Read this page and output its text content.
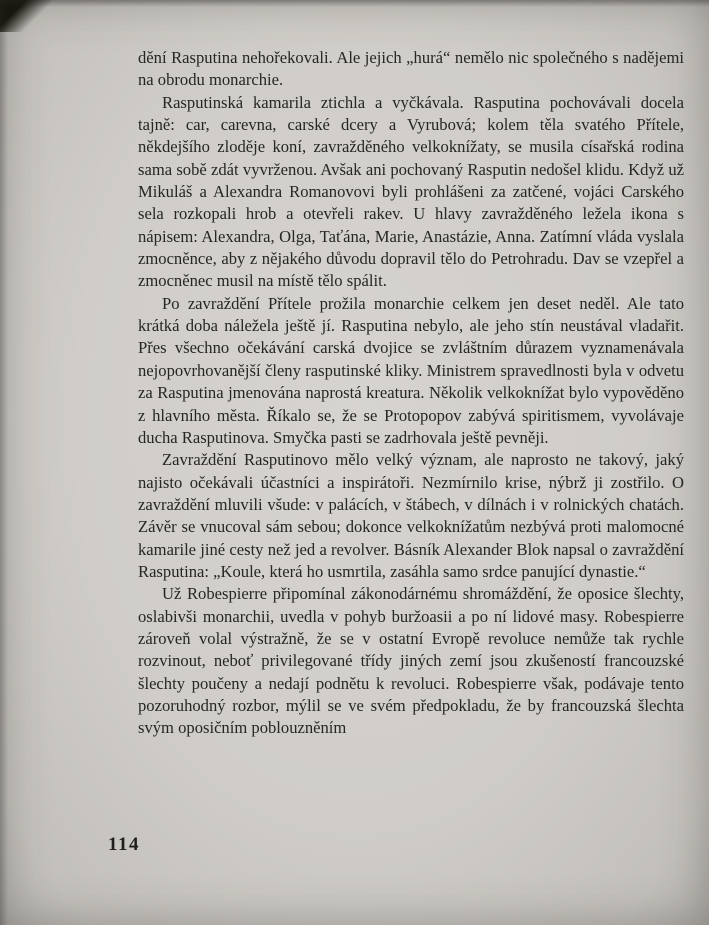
dění Rasputina nehořekovali. Ale jejich „hurá“ nemělo nic společného s nadějemi na obrodu monarchie.

Rasputinská kamarila ztichla a vyčkávala. Rasputina pochovávali docela tajně: car, carevna, carské dcery a Vyrubová; kolem těla svatého Přítele, někdejšího zloděje koní, zavražděného velkoknížaty, se musila císařská rodina sama sobě zdát vyvrženou. Avšak ani pochovaný Rasputin nedošel klidu. Když už Mikuláš a Alexandra Romanovovi byli prohlášeni za zatčené, vojáci Carského sela rozkopali hrob a otevřeli rakev. U hlavy zavražděného ležela ikona s nápisem: Alexandra, Olga, Taťána, Marie, Anastázie, Anna. Zatímní vláda vyslala zmocněnce, aby z nějakého důvodu dopravil tělo do Petrohradu. Dav se vzepřel a zmocněnec musil na místě tělo spálit.

Po zavraždění Přítele prožila monarchie celkem jen deset neděl. Ale tato krátká doba náležela ještě jí. Rasputina nebylo, ale jeho stín neustával vladařit. Přes všechno očekávání carská dvojice se zvláštním důrazem vyznamenávala nejopovrhovanější členy rasputinské kliky. Ministrem spravedlnosti byla v odvetu za Rasputina jmenována naprostá kreatura. Několik velkoknížat bylo vypověděno z hlavního města. Říkalo se, že se Protopopov zabývá spiritismem, vyvolávaje ducha Rasputinova. Smyčka pasti se zadrhovala ještě pevněji.

Zavraždění Rasputinovo mělo velký význam, ale naprosto ne takový, jaký najisto očekávali účastníci a inspirátoři. Nezmírnilo krise, nýbrž ji zostřilo. O zavraždění mluvili všude: v palácích, v štábech, v dílnách i v rolnických chatách. Závěr se vnucoval sám sebou; dokonce velkoknížatům nezbývá proti malomocné kamarile jiné cesty než jed a revolver. Básník Alexander Blok napsal o zavraždění Rasputina: „Koule, která ho usmrtila, zasáhla samo srdce panující dynastie.“

Už Robespierre připomínal zákonodárnému shromáždění, že oposice šlechty, oslabivši monarchii, uvedla v pohyb buržoasii a po ní lidové masy. Robespierre zároveň volal výstražně, že se v ostatní Evropě revoluce nemůže tak rychle rozvinout, neboť privilegované třídy jiných zemí jsou zkušeností francouzské šlechty poučeny a nedají podnětu k revoluci. Robespierre však, podávaje tento pozoruhodný rozbor, mýlil se ve svém předpokladu, že by francouzská šlechta svým oposičním poblouzněním

114
